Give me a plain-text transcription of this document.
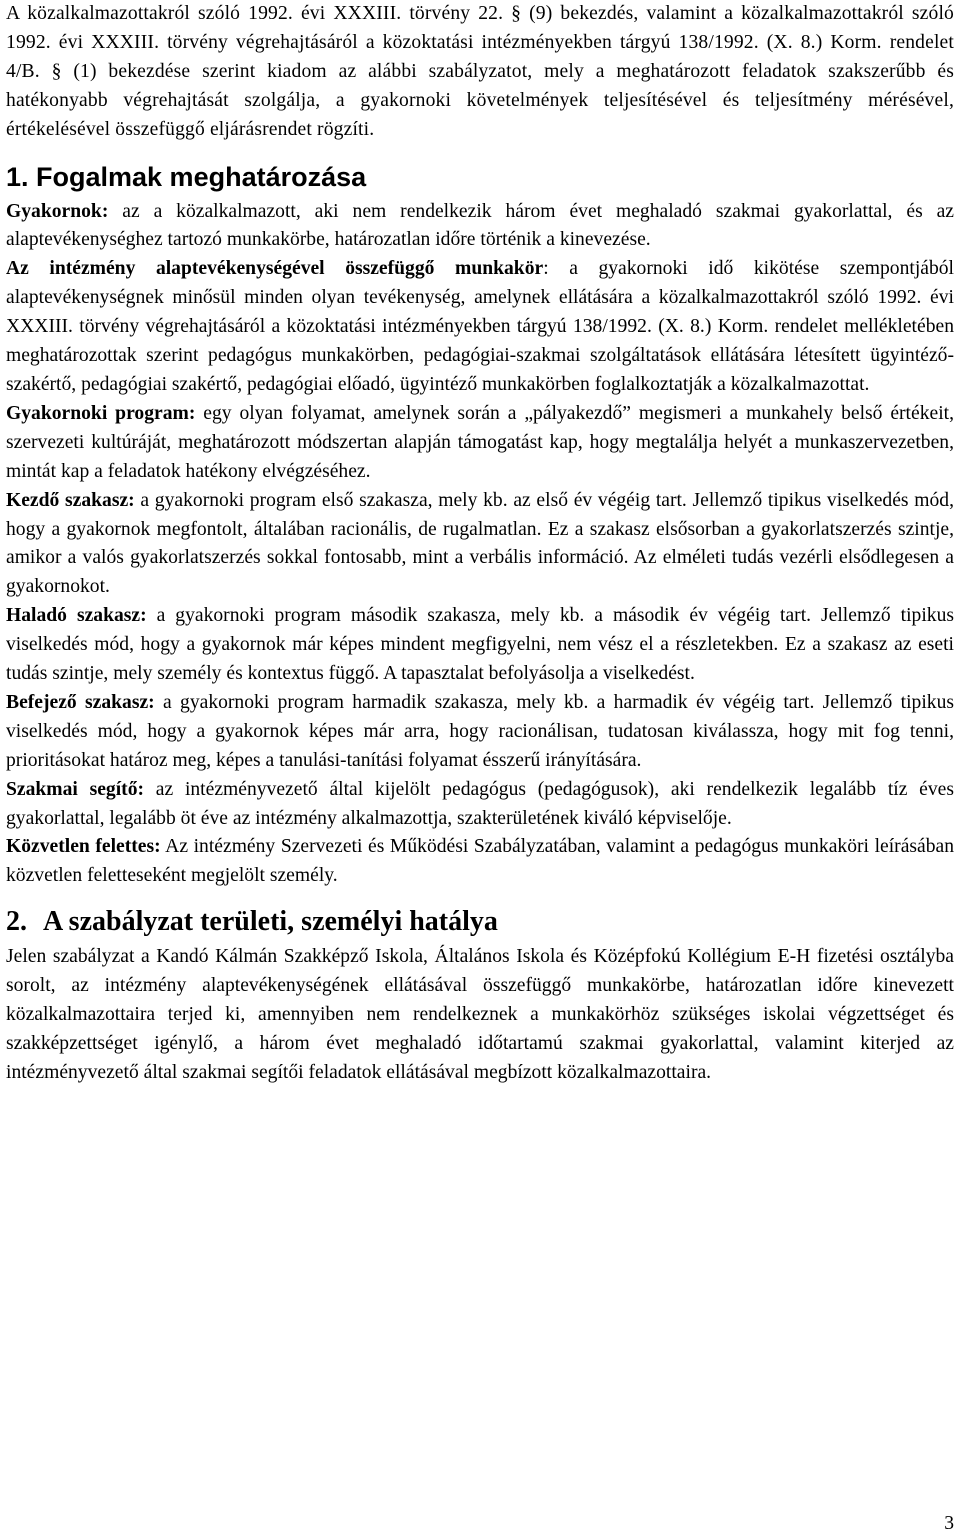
A közalkalmazottakról szóló 1992. évi XXXIII. törvény 22. § (9) bekezdés, valamint a közalkalmazottakról szóló 1992. évi XXXIII. törvény végrehajtásáról a közoktatási intézményekben tárgyú 138/1992. (X. 8.) Korm. rendelet 4/B. § (1) bekezdése szerint kiadom az alábbi szabályzatot, mely a meghatározott feladatok szakszerűbb és hatékonyabb végrehajtását szolgálja, a gyakornoki követelmények teljesítésével és teljesítmény mérésével, értékelésével összefüggő eljárásrendet rögzíti.

1. Fogalmak meghatározása

Gyakornok: az a közalkalmazott, aki nem rendelkezik három évet meghaladó szakmai gyakorlattal, és az alaptevékenységhez tartozó munkakörbe, határozatlan időre történik a kinevezése.

Az intézmény alaptevékenységével összefüggő munkakör: a gyakornoki idő kikötése szempontjából alaptevékenységnek minősül minden olyan tevékenység, amelynek ellátására a közalkalmazottakról szóló 1992. évi XXXIII. törvény végrehajtásáról a közoktatási intézményekben tárgyú 138/1992. (X. 8.) Korm. rendelet mellékletében meghatározottak szerint pedagógus munkakörben, pedagógiai-szakmai szolgáltatások ellátására létesített ügyintéző-szakértő, pedagógiai szakértő, pedagógiai előadó, ügyintéző munkakörben foglalkoztatják a közalkalmazottat.

Gyakornoki program: egy olyan folyamat, amelynek során a „pályakezdő” megismeri a munkahely belső értékeit, szervezeti kultúráját, meghatározott módszertan alapján támogatást kap, hogy megtalálja helyét a munkaszervezetben, mintát kap a feladatok hatékony elvégzéséhez.

Kezdő szakasz: a gyakornoki program első szakasza, mely kb. az első év végéig tart. Jellemző tipikus viselkedés mód, hogy a gyakornok megfontolt, általában racionális, de rugalmatlan. Ez a szakasz elsősorban a gyakorlatszerzés szintje, amikor a valós gyakorlatszerzés sokkal fontosabb, mint a verbális információ. Az elméleti tudás vezérli elsődlegesen a gyakornokot.

Haladó szakasz: a gyakornoki program második szakasza, mely kb. a második év végéig tart. Jellemző tipikus viselkedés mód, hogy a gyakornok már képes mindent megfigyelni, nem vész el a részletekben. Ez a szakasz az eseti tudás szintje, mely személy és kontextus függő. A tapasztalat befolyásolja a viselkedést.

Befejező szakasz: a gyakornoki program harmadik szakasza, mely kb. a harmadik év végéig tart. Jellemző tipikus viselkedés mód, hogy a gyakornok képes már arra, hogy racionálisan, tudatosan kiválassza, hogy mit fog tenni, prioritásokat határoz meg, képes a tanulási-tanítási folyamat ésszerű irányítására.

Szakmai segítő: az intézményvezető által kijelölt pedagógus (pedagógusok), aki rendelkezik legalább tíz éves gyakorlattal, legalább öt éve az intézmény alkalmazottja, szakterületének kiváló képviselője.

Közvetlen felettes: Az intézmény Szervezeti és Működési Szabályzatában, valamint a pedagógus munkaköri leírásában közvetlen feletteseként megjelölt személy.

2. A szabályzat területi, személyi hatálya

Jelen szabályzat a Kandó Kálmán Szakképző Iskola, Általános Iskola és Középfokú Kollégium E-H fizetési osztályba sorolt, az intézmény alaptevékenységének ellátásával összefüggő munkakörbe, határozatlan időre kinevezett közalkalmazottaira terjed ki, amennyiben nem rendelkeznek a munkakörhöz szükséges iskolai végzettséget és szakképzettséget igénylő, a három évet meghaladó időtartamú szakmai gyakorlattal, valamint kiterjed az intézményvezető által szakmai segítői feladatok ellátásával megbízott közalkalmazottaira.

3
